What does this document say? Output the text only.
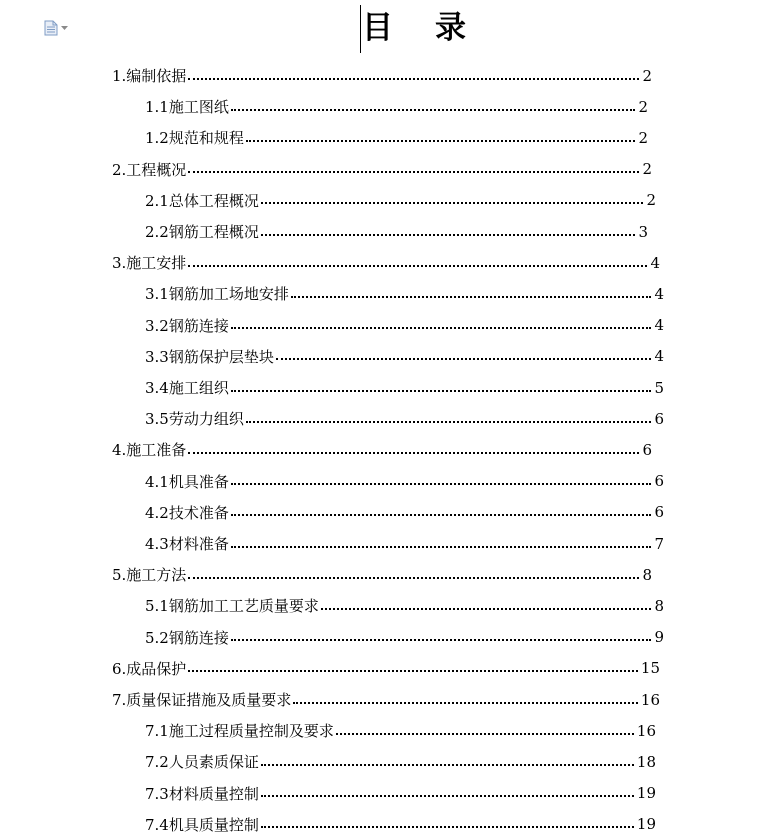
目 录
1.编制依据	2
1.1施工图纸	2
1.2规范和规程	2
2.工程概况	2
2.1总体工程概况	2
2.2钢筋工程概况	3
3.施工安排	4
3.1钢筋加工场地安排	4
3.2钢筋连接	4
3.3钢筋保护层垫块	4
3.4施工组织	5
3.5劳动力组织	6
4.施工准备	6
4.1机具准备	6
4.2技术准备	6
4.3材料准备	7
5.施工方法	8
5.1钢筋加工工艺质量要求	8
5.2钢筋连接	9
6.成品保护	15
7.质量保证措施及质量要求	16
7.1施工过程质量控制及要求	16
7.2人员素质保证	18
7.3材料质量控制	19
7.4机具质量控制	19
